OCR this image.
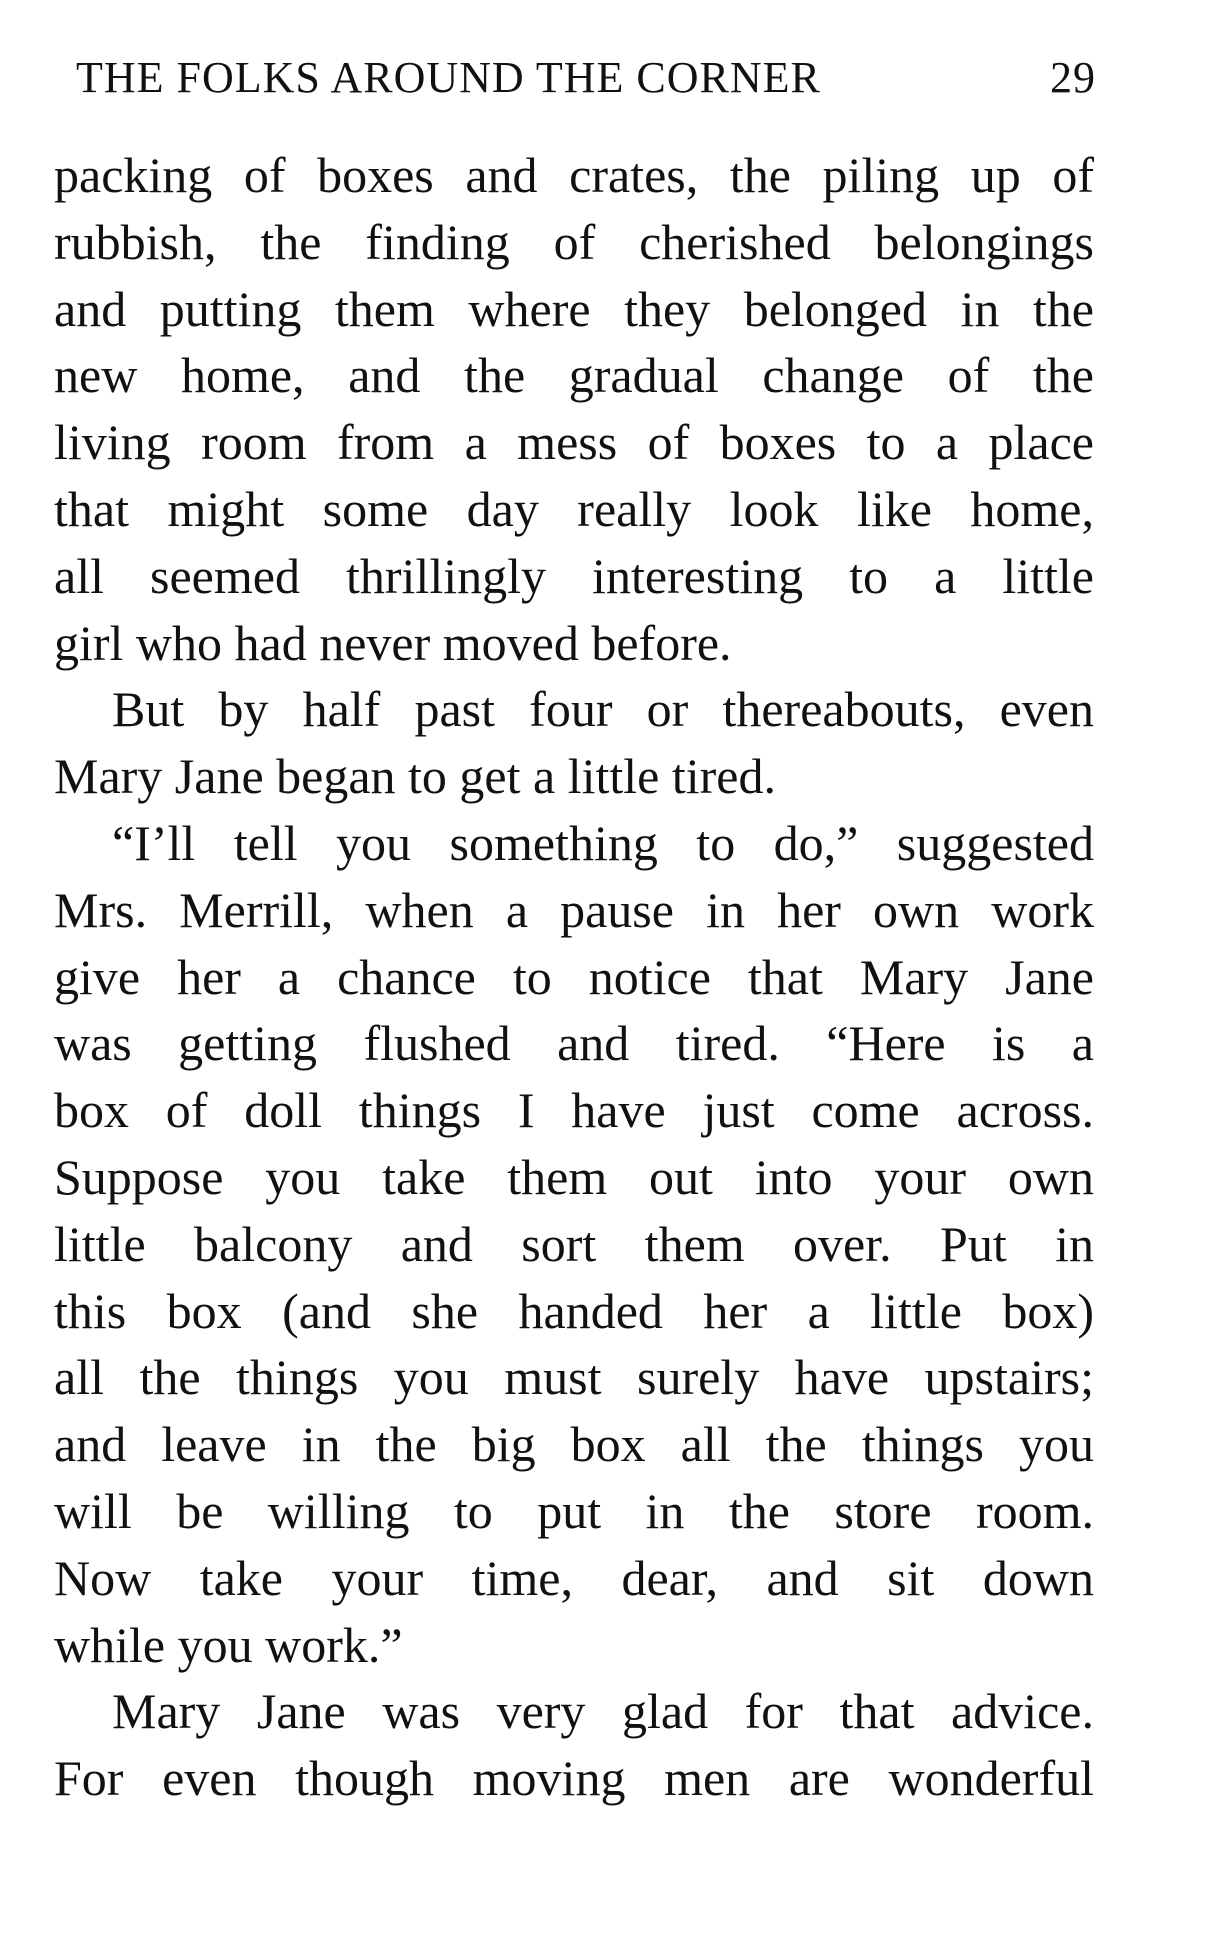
THE FOLKS AROUND THE CORNER	29
packing of boxes and crates, the piling up of
rubbish, the finding of cherished belongings
and putting them where they belonged in the
new home, and the gradual change of the
living room from a mess of boxes to a place
that might some day really look like home,
all seemed thrillingly interesting to a little
girl who had never moved before.
But by half past four or thereabouts, even
Mary Jane began to get a little tired.
“I’ll tell you something to do,” suggested
Mrs. Merrill, when a pause in her own work
give her a chance to notice that Mary Jane
was getting flushed and tired. “Here is a
box of doll things I have just come across.
Suppose you take them out into your own
little balcony and sort them over. Put in
this box (and she handed her a little box)
all the things you must surely have upstairs;
and leave in the big box all the things you
will be willing to put in the store room.
Now take your time, dear, and sit down
while you work.”
Mary Jane was very glad for that advice.
For even though moving men are wonderful
